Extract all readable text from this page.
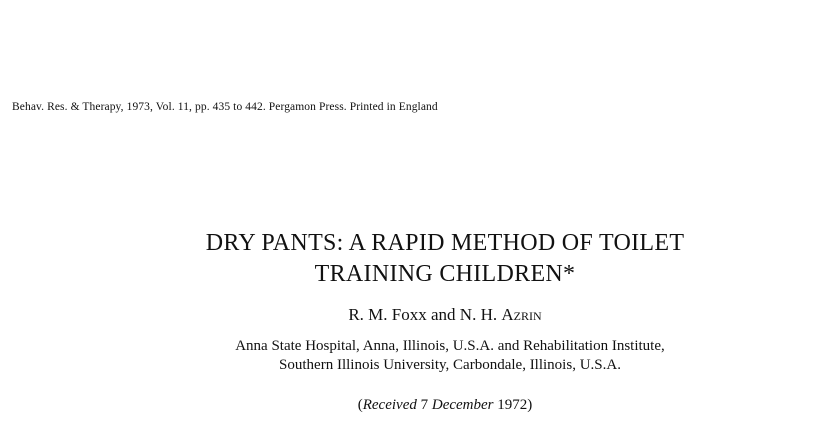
Behav. Res. & Therapy, 1973, Vol. 11, pp. 435 to 442. Pergamon Press. Printed in England
DRY PANTS: A RAPID METHOD OF TOILET
TRAINING CHILDREN*
R. M. Foxx and N. H. Azrin
Anna State Hospital, Anna, Illinois, U.S.A. and Rehabilitation Institute,
Southern Illinois University, Carbondale, Illinois, U.S.A.
(Received 7 December 1972)
